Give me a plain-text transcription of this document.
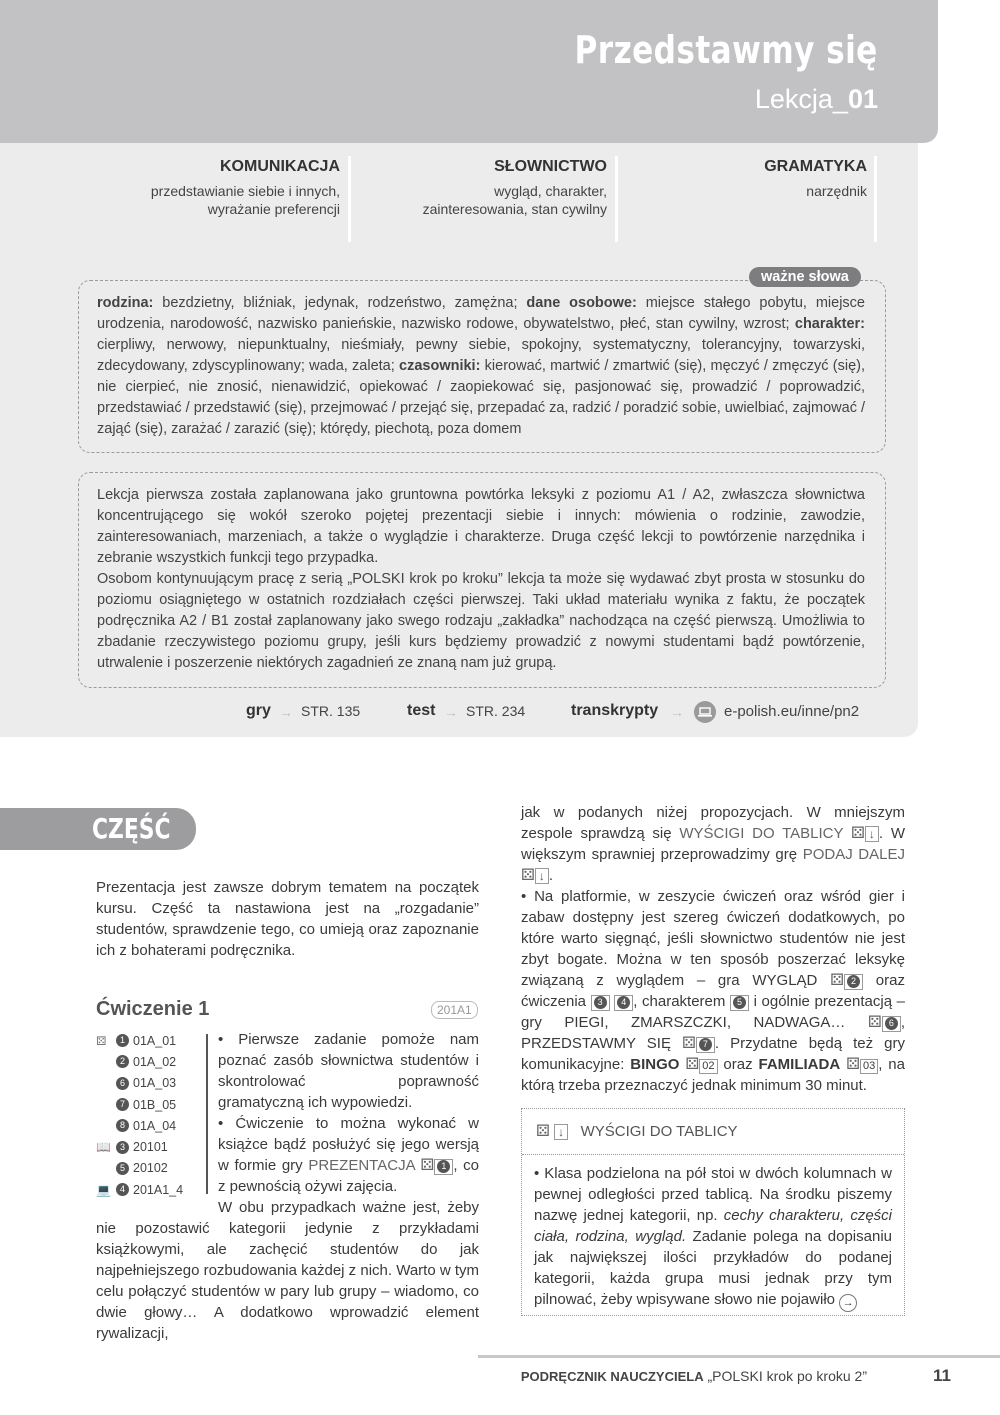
Przedstawmy się
Lekcja_01
KOMUNIKACJA
przedstawianie siebie i innych,
wyrażanie preferencji
SŁOWNICTWO
wygląd, charakter,
zainteresowania, stan cywilny
GRAMATYKA
narzędnik
rodzina: bezdzietny, bliźniak, jedynak, rodzeństwo, zamężna; dane osobowe: miejsce stałego pobytu, miejsce urodzenia, narodowość, nazwisko panieńskie, nazwisko rodowe, obywatelstwo, płeć, stan cywilny, wzrost; charakter: cierpliwy, nerwowy, niepunktualny, nieśmiały, pewny siebie, spokojny, systematyczny, tolerancyjny, towarzyski, zdecydowany, zdyscyplinowany; wada, zaleta; czasowniki: kierować, martwić / zmartwić (się), męczyć / zmęczyć (się), nie cierpieć, nie znosić, nienawidzić, opiekować / zaopiekować się, pasjonować się, prowadzić / poprowadzić, przedstawiać / przedstawić (się), przejmować / przejąć się, przepadać za, radzić / poradzić sobie, uwielbiać, zajmować / zająć (się), zarażać / zarazić (się); którędy, piechotą, poza domem
ważne słowa
Lekcja pierwsza została zaplanowana jako gruntowna powtórka leksyki z poziomu A1 / A2, zwłaszcza słownictwa koncentrującego się wokół szeroko pojętej prezentacji siebie i innych: mówienia o rodzinie, zawodzie, zainteresowaniach, marzeniach, a także o wyglądzie i charakterze. Druga część lekcji to powtórzenie narzędnika i zebranie wszystkich funkcji tego przypadka.
Osobom kontynuującym pracę z serią „POLSKI krok po kroku” lekcja ta może się wydawać zbyt prosta w stosunku do poziomu osiągniętego w ostatnich rozdziałach części pierwszej. Taki układ materiału wynika z faktu, że początek podręcznika A2 / B1 został zaplanowany jako swego rodzaju „zakładka” nachodząca na część pierwszą. Umożliwia to zbadanie rzeczywistego poziomu grupy, jeśli kurs będziemy prowadzić z nowymi studentami bądź powtórzenie, utrwalenie i poszerzenie niektórych zagadnień ze znaną nam już grupą.
gry → STR. 135	test → STR. 234	transkrypty →	e-polish.eu/inne/pn2
CZĘŚĆ A
Prezentacja jest zawsze dobrym tematem na początek kursu. Część ta nastawiona jest na „rozgadanie” studentów, sprawdzenie tego, co umieją oraz zapoznanie ich z bohaterami podręcznika.
Ćwiczenie 1	201A1
⚄	1 01A_01
2 01A_02
6 01A_03
7 01B_05
8 01A_04
📖	3 20101
5 20102
💻	4 201A1_4
• Pierwsze zadanie pomoże nam poznać zasób słownictwa studentów i skontrolować poprawność gramatyczną ich wypowiedzi.
• Ćwiczenie to można wykonać w książce bądź posłużyć się jego wersją w formie gry PREZENTACJA ⚄ 1 , co z pewnością ożywi zajęcia.
W obu przypadkach ważne jest, żeby nie pozostawić kategorii jedynie z przykładami książkowymi, ale zachęcić studentów do jak najpełniejszego rozbudowania każdej z nich. Warto w tym celu połączyć studentów w pary lub grupy – wiadomo, co dwie głowy… A dodatkowo wprowadzić element rywalizacji,
jak w podanych niżej propozycjach. W mniejszym zespole sprawdzą się WYŚCIGI DO TABLICY ⚄ ↓ . W większym sprawniej przeprowadzimy grę PODAJ DALEJ ⚄ ↓ .
• Na platformie, w zeszycie ćwiczeń oraz wśród gier i zabaw dostępny jest szereg ćwiczeń dodatkowych, po które warto sięgnąć, jeśli słownictwo studentów nie jest zbyt bogate. Można w ten sposób poszerzać leksykę związaną z wyglądem – gra WYGLĄD ⚄ 2 oraz ćwiczenia 3 4 , charakterem 5 i ogólnie prezentacją – gry PIEGI, ZMARSZCZKI, NADWAGA… ⚄ 6 , PRZEDSTAWMY SIĘ ⚄ 7 . Przydatne będą też gry komunikacyjne: BINGO ⚄ 02 oraz FAMILIADA ⚄ 03 , na którą trzeba przeznaczyć jednak minimum 30 minut.
⚄ ↓ WYŚCIGI DO TABLICY
• Klasa podzielona na pół stoi w dwóch kolumnach w pewnej odległości przed tablicą. Na środku piszemy nazwę jednej kategorii, np. cechy charakteru, części ciała, rodzina, wygląd. Zadanie polega na dopisaniu jak największej ilości przykładów do podanej kategorii, każda grupa musi jednak przy tym pilnować, żeby wpisywane słowo nie pojawiło →
PODRĘCZNIK NAUCZYCIELA „POLSKI krok po kroku 2”	11
